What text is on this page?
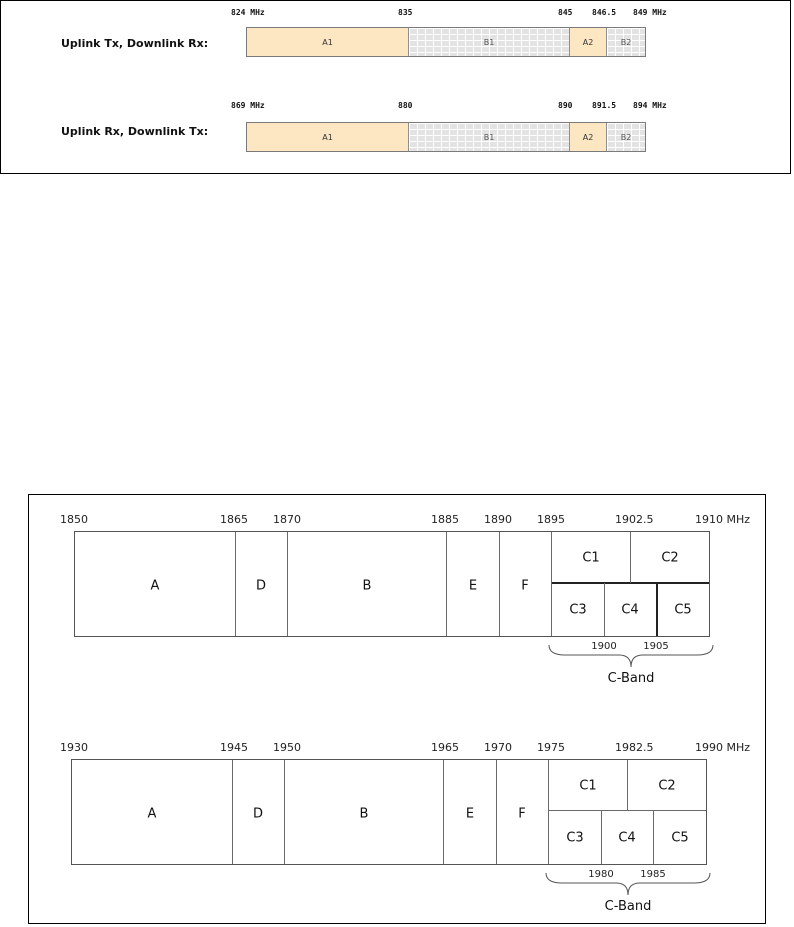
824 MHz	835	845 846.5 849 MHz
Uplink Tx, Downlink Rx:	A1	B1	A2	B2
869 MHz	880	890 891.5 894 MHz
Uplink Rx, Downlink Tx:	A1	B1	A2	B2
1850	1865 1870	1885 1890 1895	1902.5	1910 MHz
A	D	B	E	F
C1	C2
C3	C4	C5
1900	1905
C-Band
1930	1945 1950	1965 1970 1975	1982.5	1990 MHz
A	D	B	E	F
C1	C2
C3	C4	C5
1980	1985
C-Band
